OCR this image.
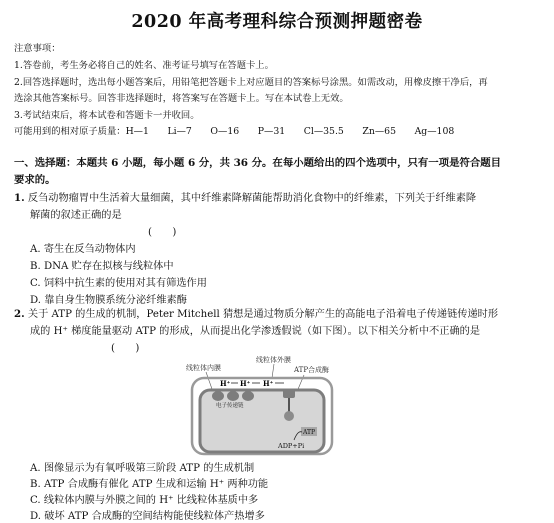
2020 年高考理科综合预测押题密卷
注意事项：
1.答卷前，考生务必将自己的姓名、准考证号填写在答题卡上。
2.回答选择题时，选出每小题答案后，用铅笔把答题卡上对应题目的答案标号涂黑。如需改动，用橡皮擦干净后，再
选涂其他答案标号。回答非选择题时，将答案写在答题卡上。写在本试卷上无效。
3.考试结束后，将本试卷和答题卡一并收回。
可能用到的相对原子质量：H—1　　Li—7　　O—16　　P—31　　Cl—35.5　　Zn—65　　Ag—108
一、选择题：本题共 6 小题，每小题 6 分，共 36 分。在每小题给出的四个选项中，只有一项是符合题目
要求的。
1. 反刍动物瘤胃中生活着大量细菌，其中纤维素降解菌能帮助消化食物中的纤维素，下列关于纤维素降
解菌的叙述正确的是
(　　)
A. 寄生在反刍动物体内
B. DNA 贮存在拟核与线粒体中
C. 饲料中抗生素的使用对其有筛选作用
D. 靠自身生物膜系统分泌纤维素酶
2. 关于 ATP 的生成的机制，Peter Mitchell 猜想是通过物质分解产生的高能电子沿着电子传递链传递时形
成的 H⁺ 梯度能量驱动 ATP 的形成，从而提出化学渗透假说（如下图）。以下相关分析中不正确的是
(　　)
线粒体外膜
线粒体内膜	ATP合成酶
H⁺ H⁺ H⁺
电子传递链
ATP
ADP+Pi
A. 图像显示为有氧呼吸第三阶段 ATP 的生成机制
B. ATP 合成酶有催化 ATP 生成和运输 H⁺ 两种功能
C. 线粒体内膜与外膜之间的 H⁺ 比线粒体基质中多
D. 破坏 ATP 合成酶的空间结构能使线粒体产热增多
